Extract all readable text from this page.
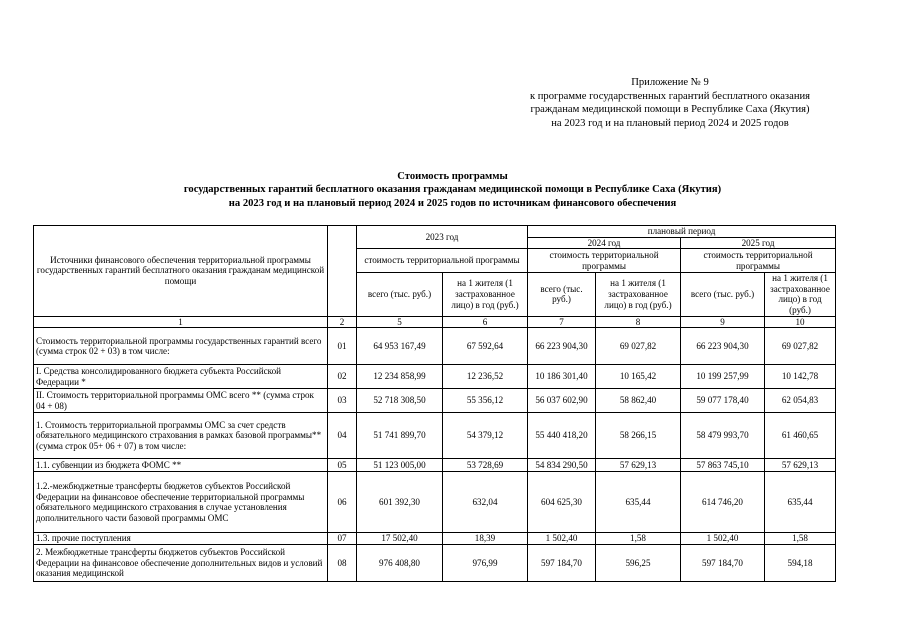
Приложение № 9
к программе государственных гарантий бесплатного оказания
гражданам медицинской помощи в Республике Саха (Якутия)
на 2023 год и на плановый период 2024 и 2025 годов
Стоимость программы
государственных гарантий бесплатного оказания гражданам медицинской помощи в Республике Саха (Якутия)
на 2023 год и на плановый период 2024 и 2025 годов по источникам финансового обеспечения
Источники финансового обеспечения территориальной программы государственных гарантий бесплатного оказания гражданам медицинской помощи		2023 год		плановый период			
				2024 год		2025 год	
		стоимость территориальной программы		стоимость территориальной программы		стоимость территориальной программы	
		всего (тыс. руб.)	на 1 жителя (1 застрахованное лицо) в год (руб.)	всего (тыс. руб.)	на 1 жителя (1 застрахованное лицо) в год (руб.)	всего (тыс. руб.)	на 1 жителя (1 застрахованное лицо) в год (руб.)
1	2	5	6	7	8	9	10
Стоимость территориальной программы государственных гарантий всего (сумма строк 02 + 03) в том числе:	01	64 953 167,49	67 592,64	66 223 904,30	69 027,82	66 223 904,30	69 027,82
I. Средства консолидированного бюджета субъекта Российской Федерации *	02	12 234 858,99	12 236,52	10 186 301,40	10 165,42	10 199 257,99	10 142,78
II. Стоимость территориальной программы ОМС всего ** (сумма строк 04 + 08)	03	52 718 308,50	55 356,12	56 037 602,90	58 862,40	59 077 178,40	62 054,83
1. Стоимость территориальной программы ОМС за счет средств обязательного медицинского страхования в рамках базовой программы** (сумма строк 05+ 06 + 07) в том числе:	04	51 741 899,70	54 379,12	55 440 418,20	58 266,15	58 479 993,70	61 460,65
1.1. субвенции из бюджета ФОМС **	05	51 123 005,00	53 728,69	54 834 290,50	57 629,13	57 863 745,10	57 629,13
1.2.-межбюджетные трансферты бюджетов субъектов Российской Федерации на финансовое обеспечение территориальной программы обязательного медицинского страхования в случае установления дополнительного части базовой программы ОМС	06	601 392,30	632,04	604 625,30	635,44	614 746,20	635,44
1.3. прочие поступления	07	17 502,40	18,39	1 502,40	1,58	1 502,40	1,58
2. Межбюджетные трансферты бюджетов субъектов Российской Федерации на финансовое обеспечение дополнительных видов и условий оказания медицинской	08	976 408,80	976,99	597 184,70	596,25	597 184,70	594,18
